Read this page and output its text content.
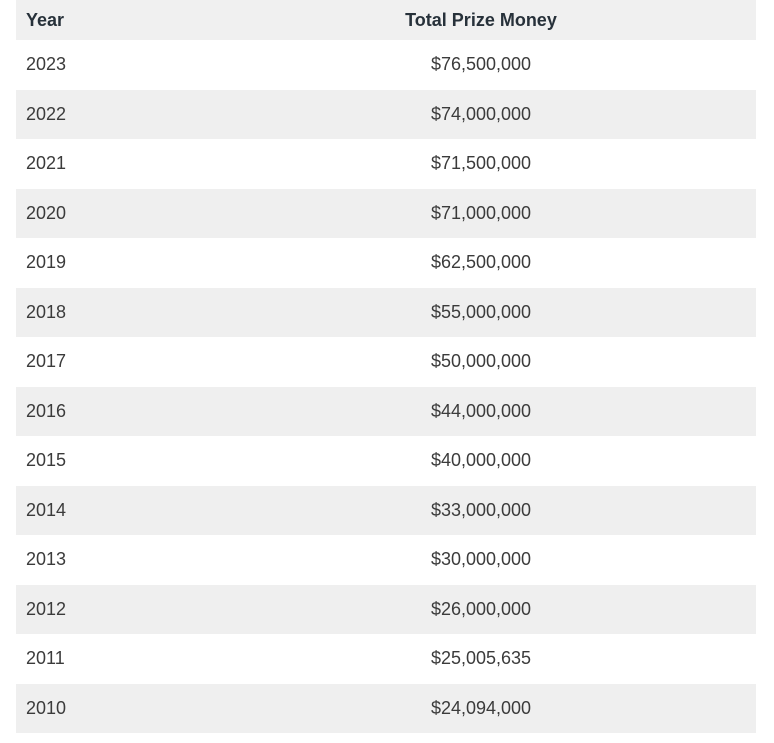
Year	Total Prize Money
2023	$76,500,000
2022	$74,000,000
2021	$71,500,000
2020	$71,000,000
2019	$62,500,000
2018	$55,000,000
2017	$50,000,000
2016	$44,000,000
2015	$40,000,000
2014	$33,000,000
2013	$30,000,000
2012	$26,000,000
2011	$25,005,635
2010	$24,094,000
